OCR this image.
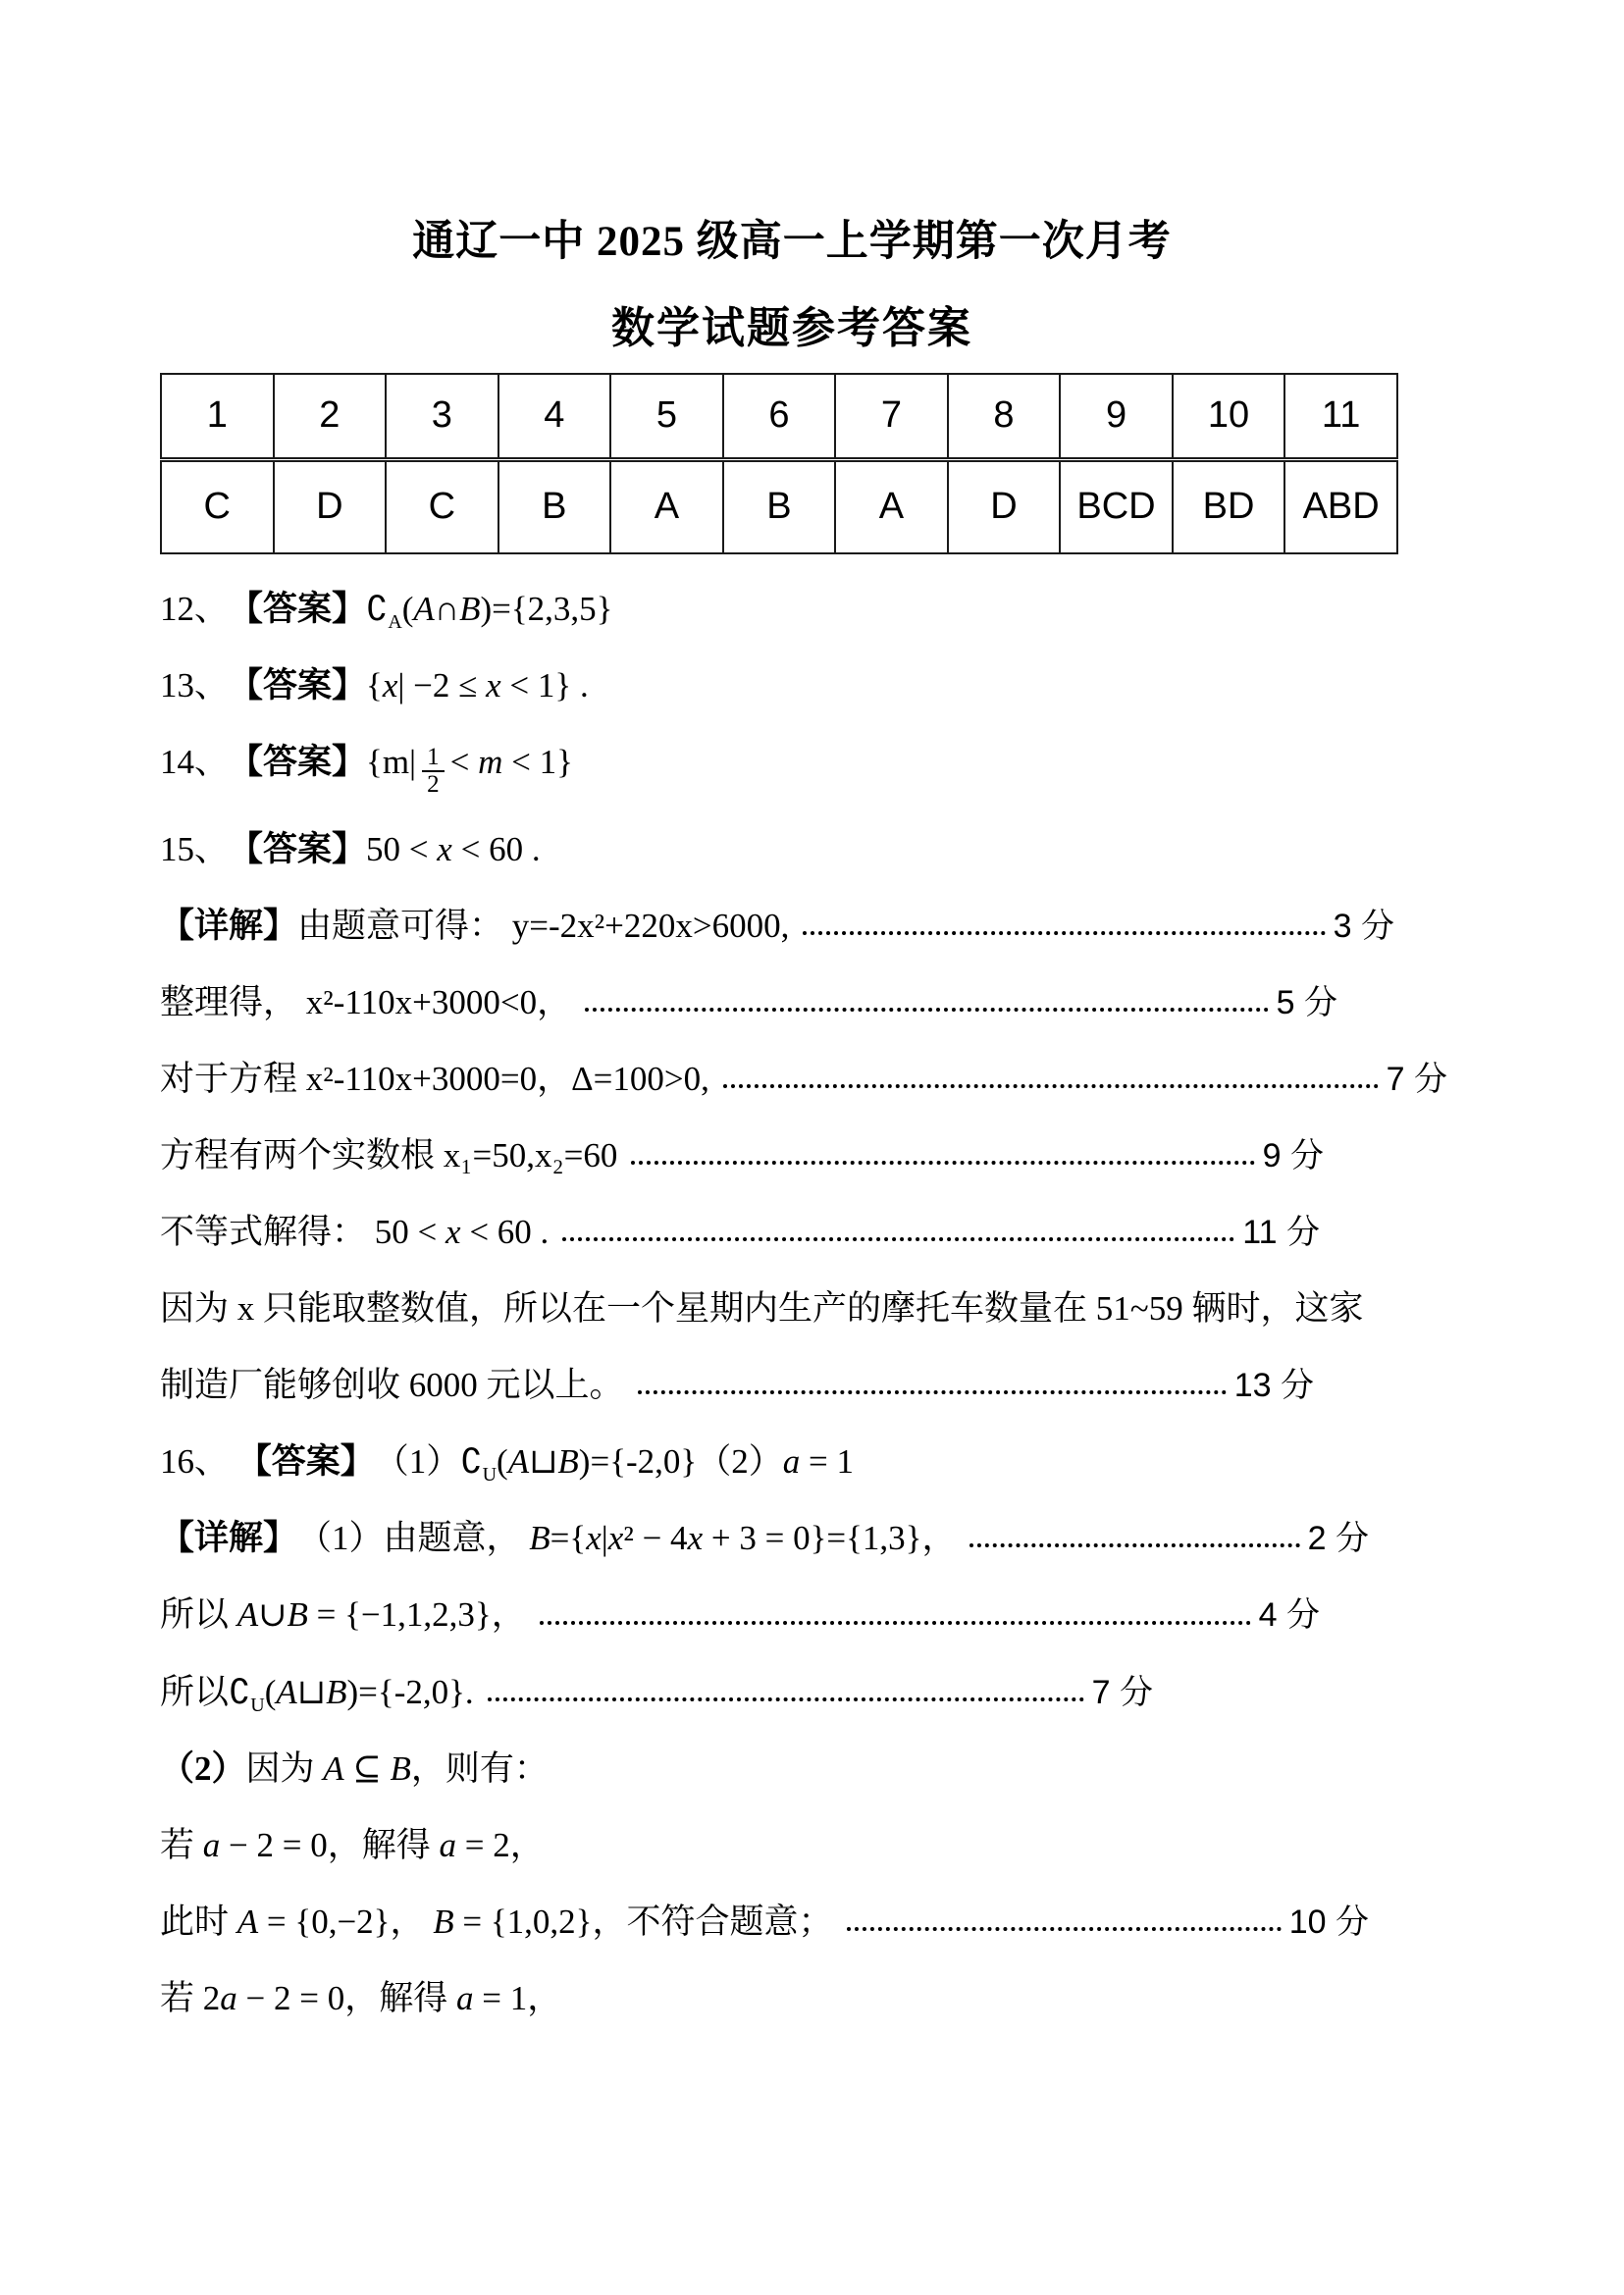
通辽一中 2025 级高一上学期第一次月考
数学试题参考答案
1	2	3	4	5	6	7	8	9	10	11
C	D	C	B	A	B	A	D	BCD	BD	ABD
12、 【答案】 ∁ $_A$ ( A ∩ B )={2,3,5}
13、 【答案】 { x | −2 ≤ x < 1} .
14、 【答案】 $\{m| \frac{1}{2} < m < 1\}$
15、 【答案】 50 < x < 60 .
【详解】 由题意可得： y=-2x²+220x>6000,	3 分
整理得， x²-110x+3000<0，	5 分
对于方程 x²-110x+3000=0，Δ=100>0,	7 分
方程有两个实数根 x₁=50,x₂=60	9 分
不等式解得： 50 < x < 60 .	11 分
因为 x 只能取整数值，所以在一个星期内生产的摩托车数量在 51~59 辆时，这家
制造厂能够创收 6000 元以上。	13 分
16、 【答案】 （1） ∁ $_U$ ( A ⊔ B )={-2,0} （2） a = 1
【详解】 （1）由题意， B ={ x | x ² − 4 x + 3 = 0}={1,3}，	2 分
所以 A ∪ B = {−1,1,2,3}，	4 分
所以 ∁ $_U$ ( A ⊔ B )={-2,0}.	7 分
（2） 因为 A ⊆ B ，则有：
若 a − 2 = 0 ，解得 a = 2 ，
此时 A = {0,−2} ， B = {1,0,2} ，不符合题意；	10 分
若 2 a − 2 = 0 ，解得 a = 1 ，
